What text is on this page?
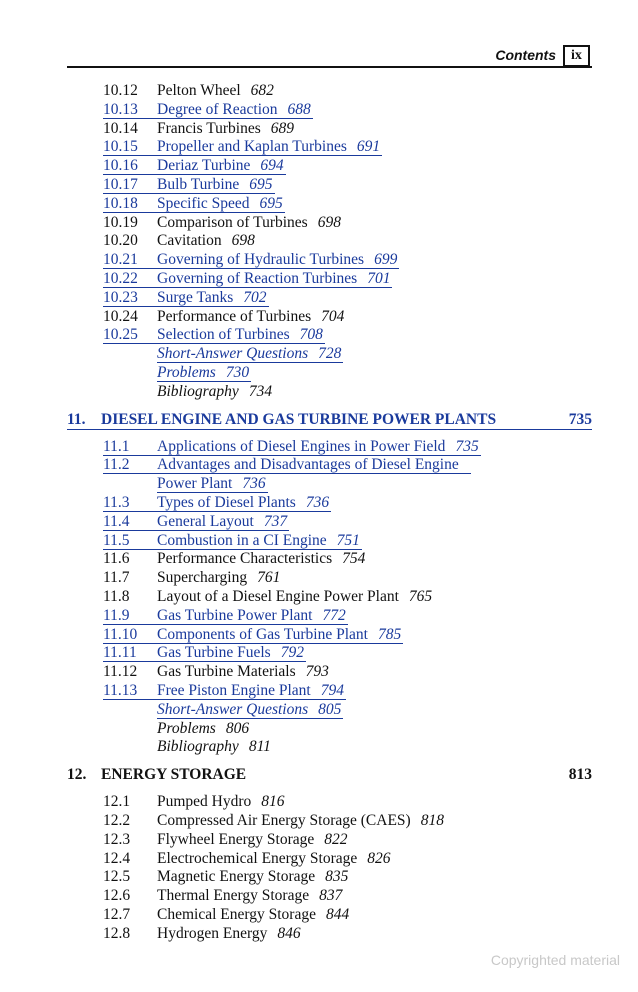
Contents	ix
10.12 Pelton Wheel 682
10.13 Degree of Reaction 688
10.14 Francis Turbines 689
10.15 Propeller and Kaplan Turbines 691
10.16 Deriaz Turbine 694
10.17 Bulb Turbine 695
10.18 Specific Speed 695
10.19 Comparison of Turbines 698
10.20 Cavitation 698
10.21 Governing of Hydraulic Turbines 699
10.22 Governing of Reaction Turbines 701
10.23 Surge Tanks 702
10.24 Performance of Turbines 704
10.25 Selection of Turbines 708
Short-Answer Questions 728
Problems 730
Bibliography 734
11. DIESEL ENGINE AND GAS TURBINE POWER PLANTS	735
11.1 Applications of Diesel Engines in Power Field 735
11.2 Advantages and Disadvantages of Diesel Engine
Power Plant 736
11.3 Types of Diesel Plants 736
11.4 General Layout 737
11.5 Combustion in a CI Engine 751
11.6 Performance Characteristics 754
11.7 Supercharging 761
11.8 Layout of a Diesel Engine Power Plant 765
11.9 Gas Turbine Power Plant 772
11.10 Components of Gas Turbine Plant 785
11.11 Gas Turbine Fuels 792
11.12 Gas Turbine Materials 793
11.13 Free Piston Engine Plant 794
Short-Answer Questions 805
Problems 806
Bibliography 811
12. ENERGY STORAGE	813
12.1 Pumped Hydro 816
12.2 Compressed Air Energy Storage (CAES) 818
12.3 Flywheel Energy Storage 822
12.4 Electrochemical Energy Storage 826
12.5 Magnetic Energy Storage 835
12.6 Thermal Energy Storage 837
12.7 Chemical Energy Storage 844
12.8 Hydrogen Energy 846
Copyrighted material
